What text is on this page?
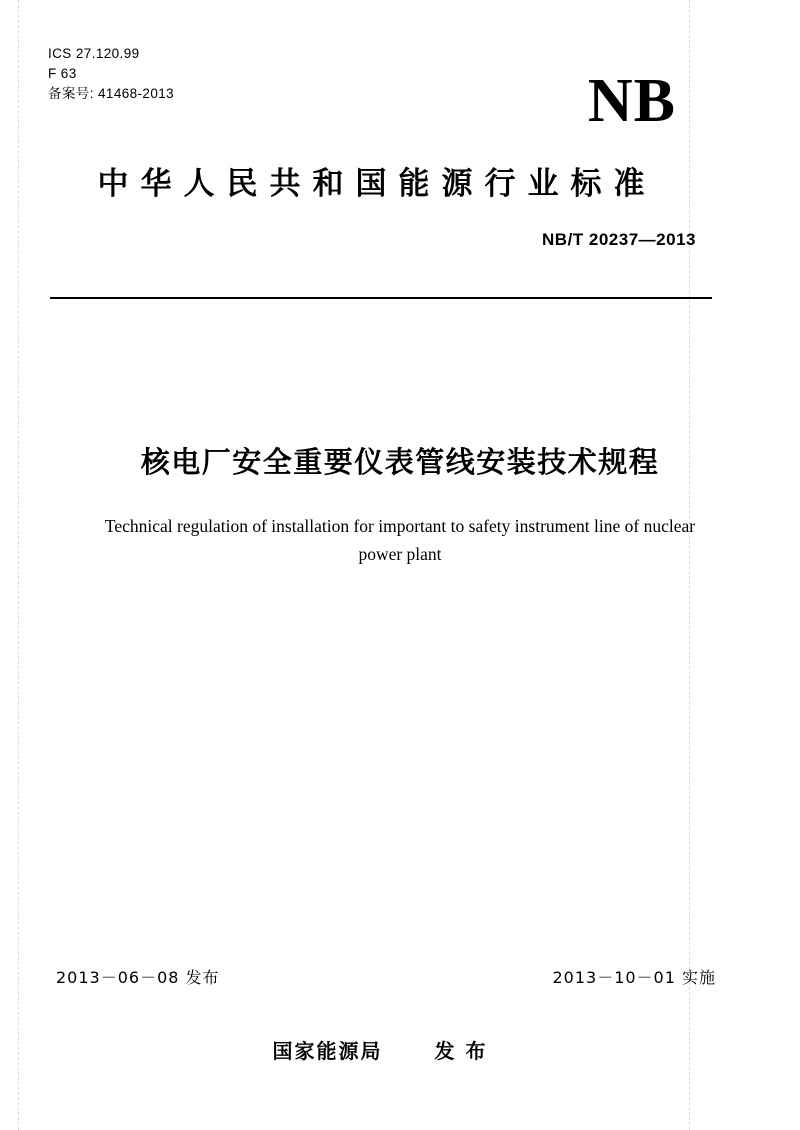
ICS 27.120.99
F 63
备案号: 41468-2013	NB
中华人民共和国能源行业标准
NB/T 20237—2013
核电厂安全重要仪表管线安装技术规程
Technical regulation of installation for important to safety instrument line of nuclear power plant
2013－06－08 发布	2013－10－01 实施
国家能源局	发 布
